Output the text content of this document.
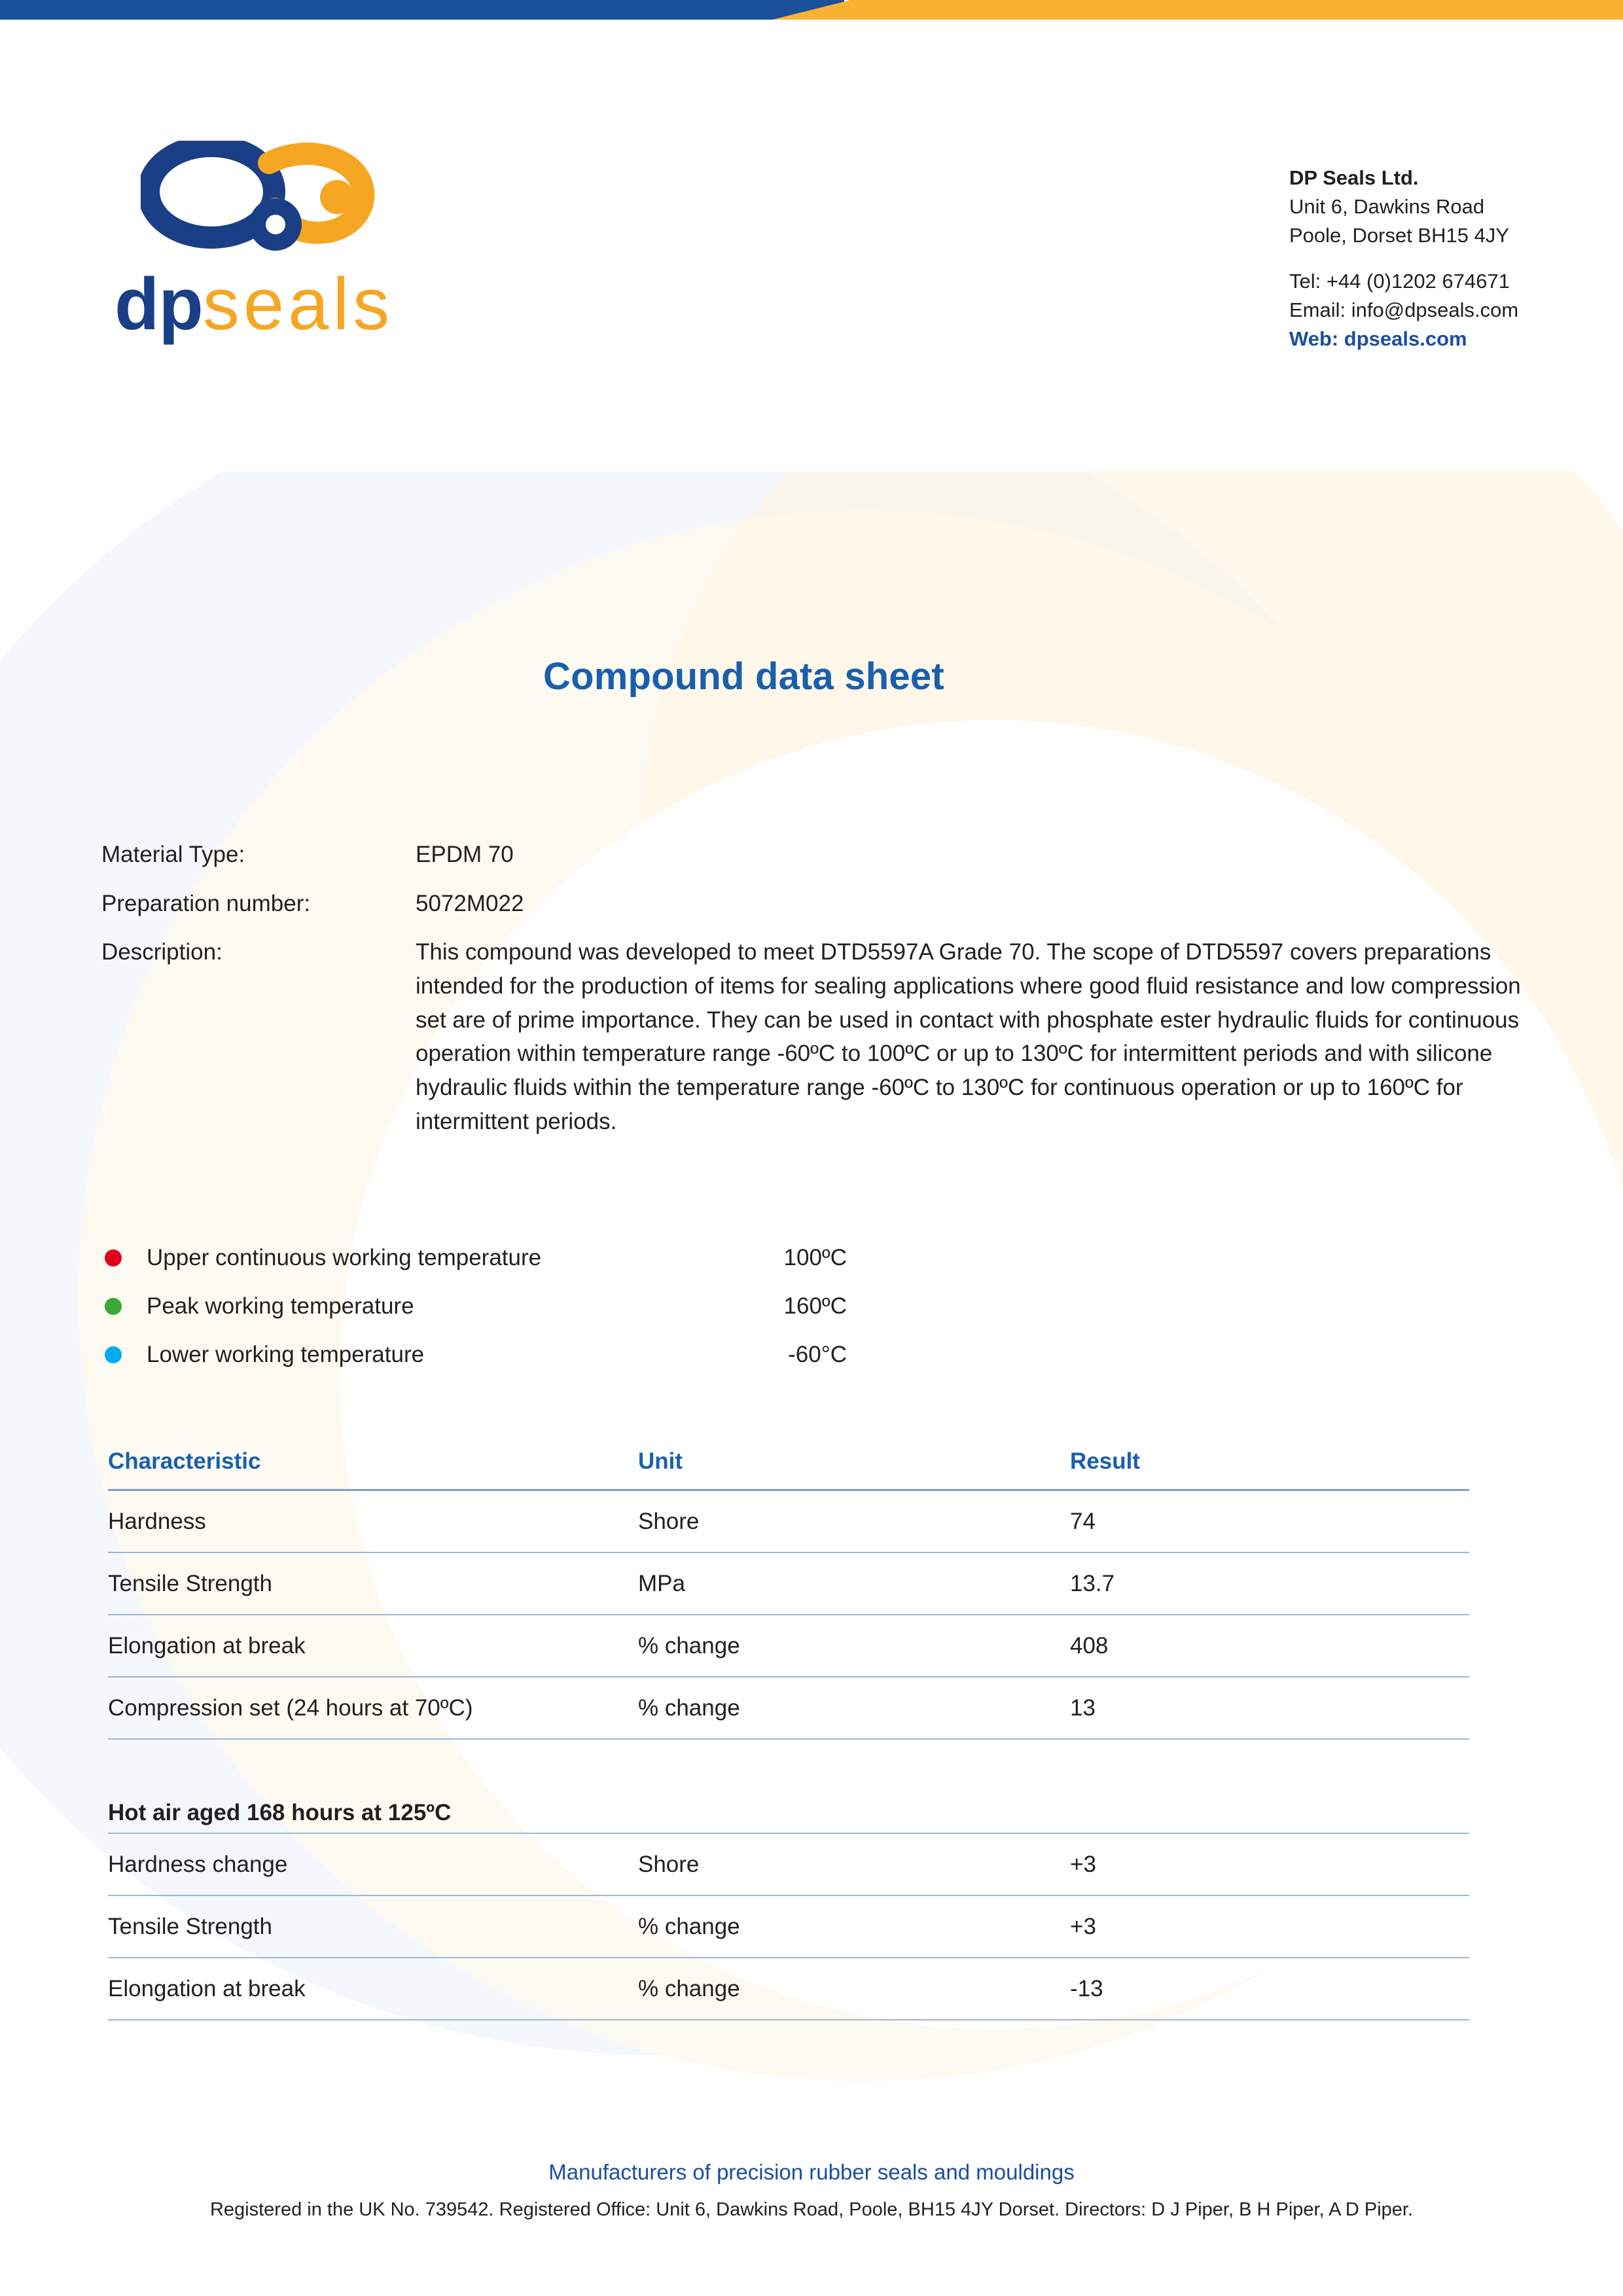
dpseals
DP Seals Ltd.
Unit 6, Dawkins Road
Poole, Dorset BH15 4JY
Tel: +44 (0)1202 674671
Email: info@dpseals.com
Web: dpseals.com
Compound data sheet
Material Type:	EPDM 70
Preparation number:	5072M022
Description:	This compound was developed to meet DTD5597A Grade 70. The scope of DTD5597 covers preparations intended for the production of items for sealing applications where good fluid resistance and low compression set are of prime importance. They can be used in contact with phosphate ester hydraulic fluids for continuous operation within temperature range -60ºC to 100ºC or up to 130ºC for intermittent periods and with silicone hydraulic fluids within the temperature range -60ºC to 130ºC for continuous operation or up to 160ºC for intermittent periods.
Upper continuous working temperature	100ºC
Peak working temperature	160ºC
Lower working temperature	-60°C
Characteristic	Unit	Result
Hardness	Shore	74
Tensile Strength	MPa	13.7
Elongation at break	% change	408
Compression set (24 hours at 70ºC)	% change	13
Hot air aged 168 hours at 125ºC
Hardness change	Shore	+3
Tensile Strength	% change	+3
Elongation at break	% change	-13
Manufacturers of precision rubber seals and mouldings
Registered in the UK No. 739542. Registered Office: Unit 6, Dawkins Road, Poole, BH15 4JY Dorset. Directors: D J Piper, B H Piper, A D Piper.
